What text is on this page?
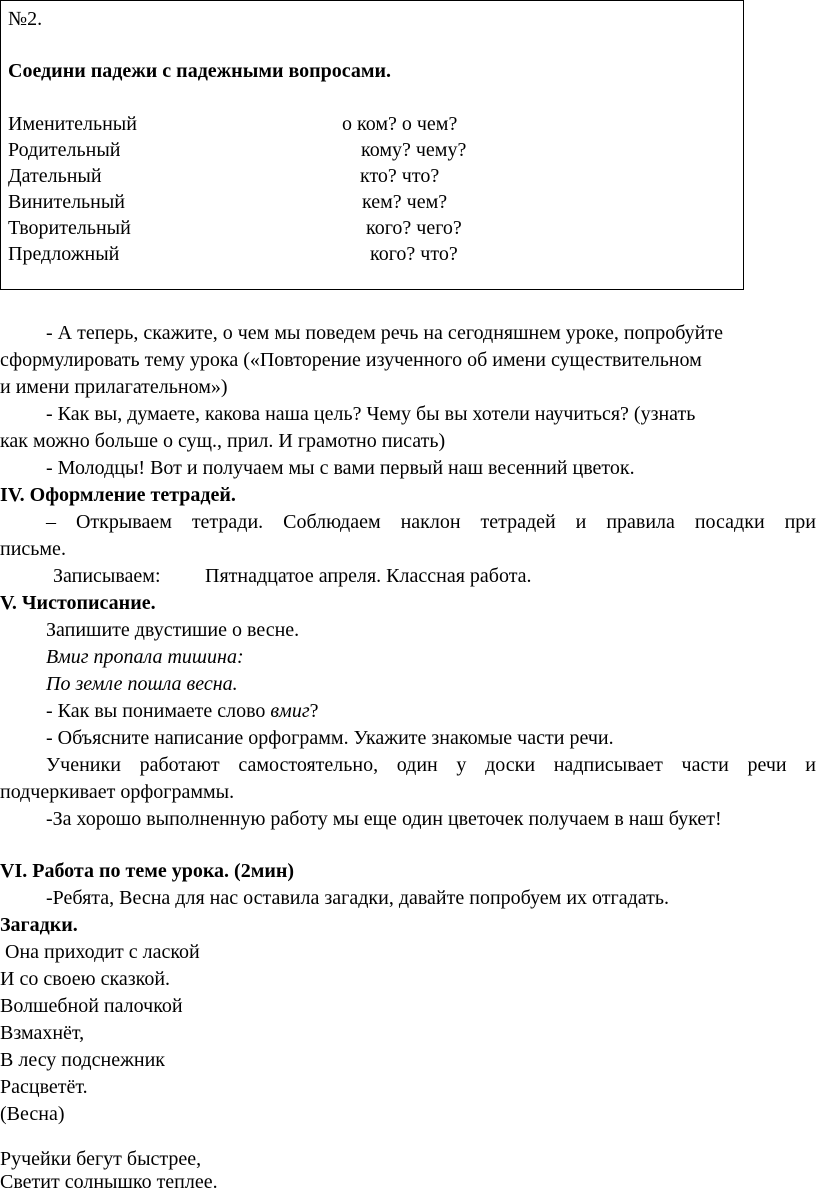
№2.
Соедини падежи с падежными вопросами.
Именительный
Родительный
Дательный
Винительный
Творительный
Предложный
о ком? о чем?
кому? чему?
кто? что?
кем? чем?
кого? чего?
кого? что?
- А теперь, скажите, о чем мы поведем речь на сегодняшнем уроке, попробуйте
сформулировать тему урока («Повторение изученного об имени существительном
и имени прилагательном»)
- Как вы, думаете, какова наша цель? Чему бы вы хотели научиться? (узнать
как можно больше о сущ., прил. И грамотно писать)
- Молодцы! Вот и получаем мы с вами первый наш весенний цветок.
IV. Оформление тетрадей.
– Открываем тетради. Соблюдаем наклон тетрадей и правила посадки при
письме.
Записываем: Пятнадцатое апреля. Классная работа.
V. Чистописание.
Запишите двустишие о весне.
Вмиг пропала тишина:
По земле пошла весна.
- Как вы понимаете слово вмиг?
- Объясните написание орфограмм. Укажите знакомые части речи.
Ученики работают самостоятельно, один у доски надписывает части речи и
подчеркивает орфограммы.
-За хорошо выполненную работу мы еще один цветочек получаем в наш букет!
VI. Работа по теме урока. (2мин)
-Ребята, Весна для нас оставила загадки, давайте попробуем их отгадать.
Загадки.
Она приходит с лаской
И со своею сказкой.
Волшебной палочкой
Взмахнёт,
В лесу подснежник
Расцветёт.
(Весна)
Ручейки бегут быстрее,
Светит солнышко теплее.
